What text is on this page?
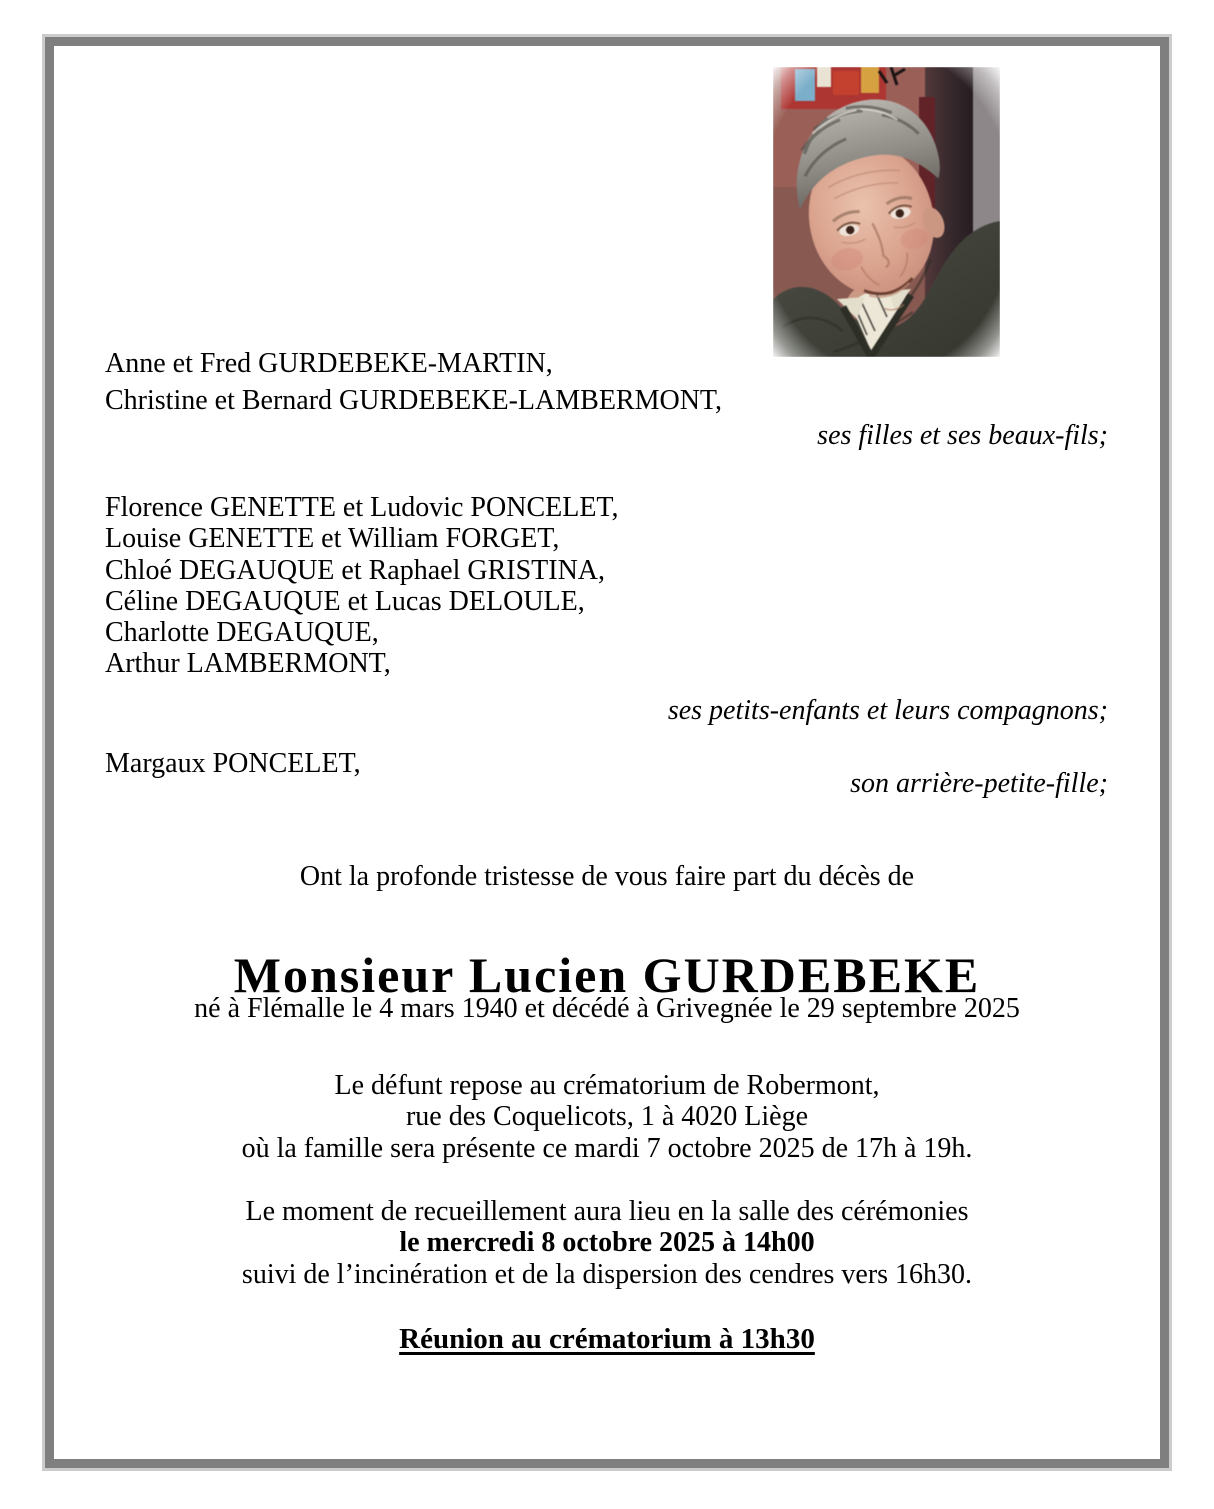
Anne et Fred GURDEBEKE-MARTIN,
Christine et Bernard GURDEBEKE-LAMBERMONT,
ses filles et ses beaux-fils;
Florence GENETTE et Ludovic PONCELET,
Louise GENETTE et William FORGET,
Chloé DEGAUQUE et Raphael GRISTINA,
Céline DEGAUQUE et Lucas DELOULE,
Charlotte DEGAUQUE,
Arthur LAMBERMONT,
ses petits-enfants et leurs compagnons;
Margaux PONCELET,
son arrière-petite-fille;
Ont la profonde tristesse de vous faire part du décès de
Monsieur Lucien GURDEBEKE
né à Flémalle le 4 mars 1940 et décédé à Grivegnée le 29 septembre 2025
Le défunt repose au crématorium de Robermont,
rue des Coquelicots, 1 à 4020 Liège
où la famille sera présente ce mardi 7 octobre 2025 de 17h à 19h.
Le moment de recueillement aura lieu en la salle des cérémonies
le mercredi 8 octobre 2025 à 14h00
suivi de l’incinération et de la dispersion des cendres vers 16h30.
Réunion au crématorium à 13h30
